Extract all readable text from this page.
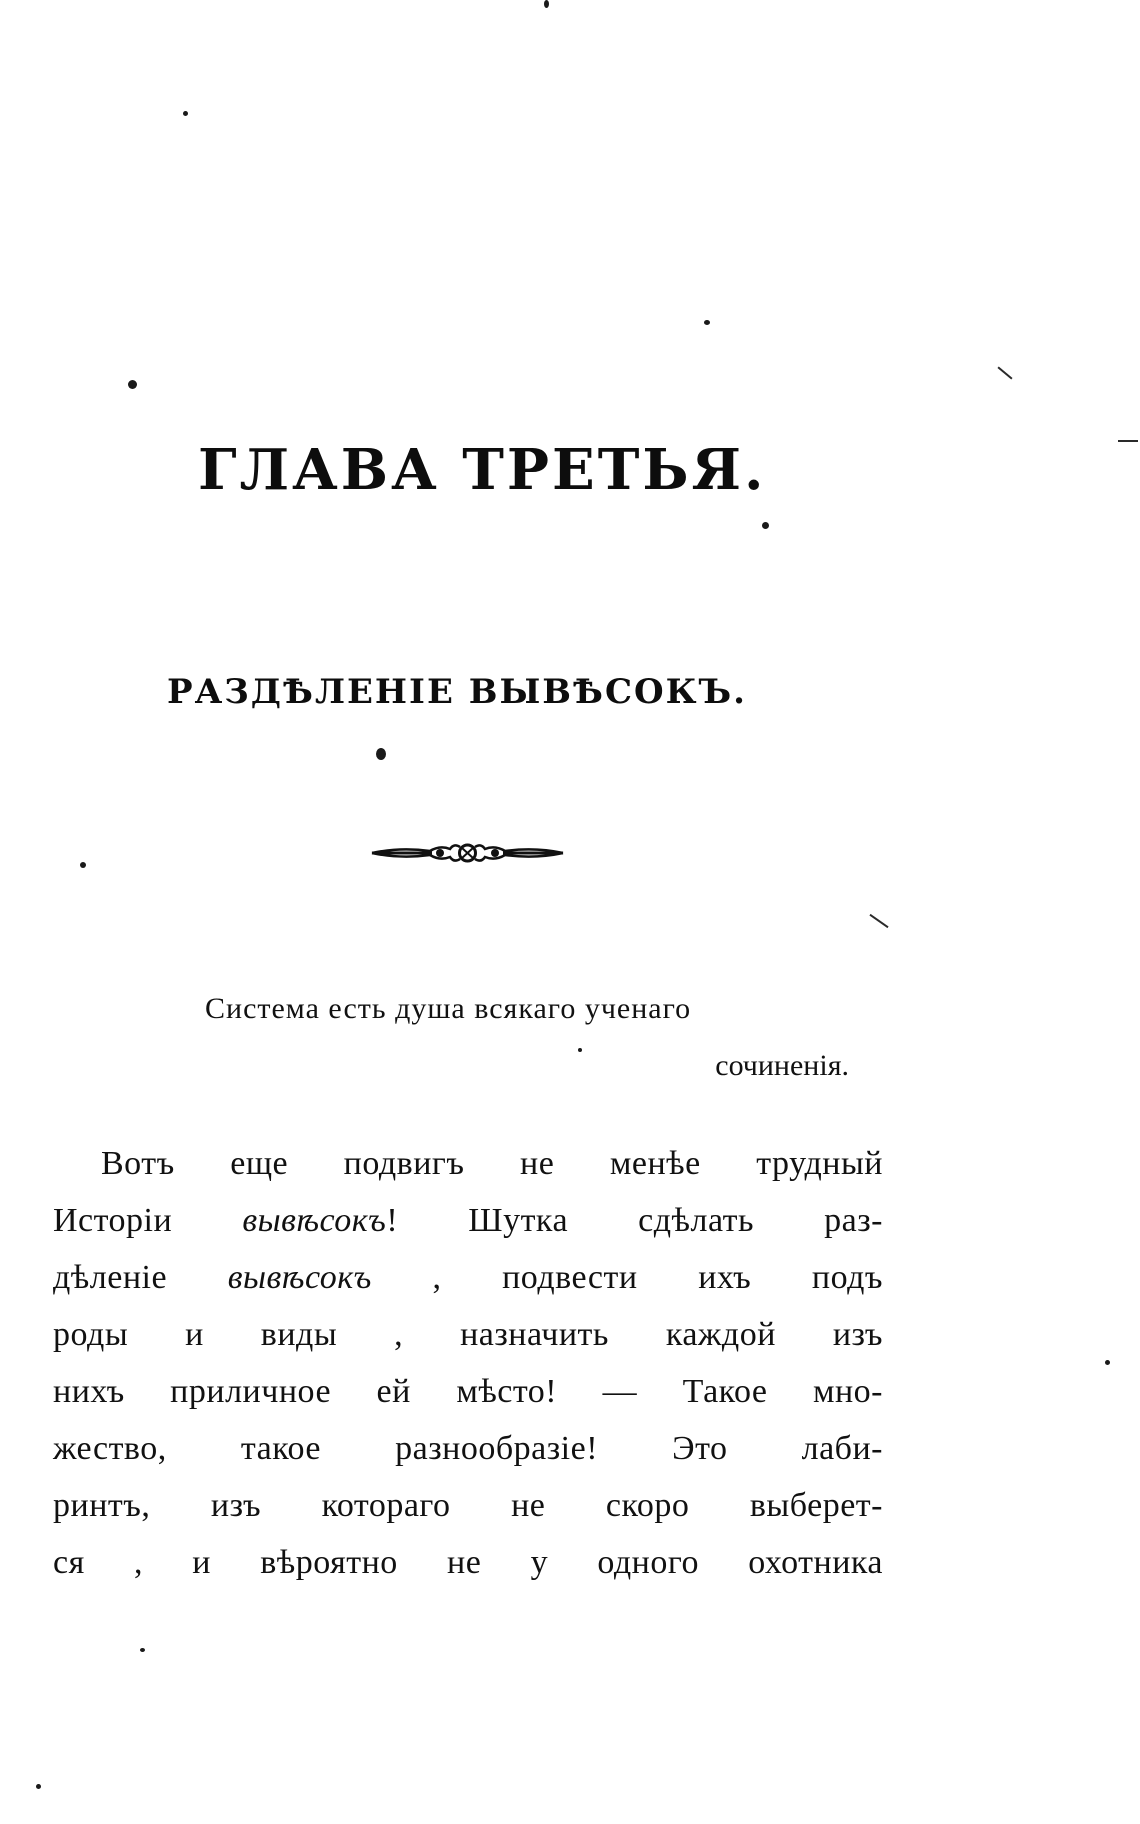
ГЛАВА ТРЕТЬЯ.
РАЗДѢЛЕНІЕ ВЫВѢСОКЪ.
Система есть душа всякаго ученаго
сочиненія.
Вотъ еще подвигъ не менѣе трудный
Исторіи вывѣсокъ! Шутка сдѣлать раз-
дѣленіе вывѣсокъ , подвести ихъ подъ
роды и виды , назначить каждой изъ
нихъ приличное ей мѣсто! — Такое мно-
жество, такое разнообразіе! Это лаби-
ринтъ, изъ котораго не скоро выберет-
ся , и вѣроятно не у одного охотника
